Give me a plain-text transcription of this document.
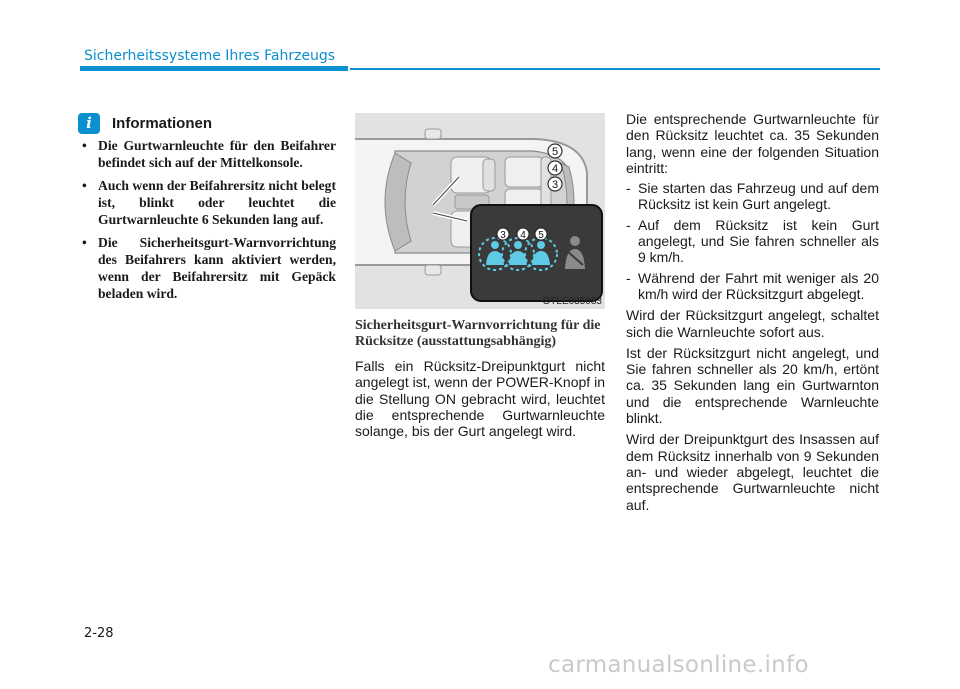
Sicherheitssysteme Ihres Fahrzeugs
i	Informationen
• Die Gurtwarnleuchte für den Beifahrer befindet sich auf der Mittelkonsole.
• Auch wenn der Beifahrersitz nicht belegt ist, blinkt oder leuchtet die Gurtwarnleuchte 6 Sekunden lang auf.
• Die Sicherheitsgurt-Warnvorrichtung des Beifahrers kann aktiviert werden, wenn der Beifahrersitz mit Gepäck beladen wird.
5
4
3
3 4 5
OTLE035083
Sicherheitsgurt-Warnvorrichtung für die Rücksitze (ausstattungsabhängig)

Falls ein Rücksitz-Dreipunktgurt nicht angelegt ist, wenn der POWER-Knopf in die Stellung ON gebracht wird, leuchtet die entsprechende Gurtwarnleuchte solange, bis der Gurt angelegt wird.

Die entsprechende Gurtwarnleuchte für den Rücksitz leuchtet ca. 35 Sekunden lang, wenn eine der folgenden Situation eintritt:

- Sie starten das Fahrzeug und auf dem Rücksitz ist kein Gurt angelegt.
- Auf dem Rücksitz ist kein Gurt angelegt, und Sie fahren schneller als 9 km/h.
- Während der Fahrt mit weniger als 20 km/h wird der Rücksitzgurt abgelegt.

Wird der Rücksitzgurt angelegt, schaltet sich die Warnleuchte sofort aus.

Ist der Rücksitzgurt nicht angelegt, und Sie fahren schneller als 20 km/h, ertönt ca. 35 Sekunden lang ein Gurtwarnton und die entsprechende Warnleuchte blinkt.

Wird der Dreipunktgurt des Insassen auf dem Rücksitz innerhalb von 9 Sekunden an- und wieder abgelegt, leuchtet die entsprechende Gurtwarnleuchte nicht auf.

2-28
carmanualsonline.info
